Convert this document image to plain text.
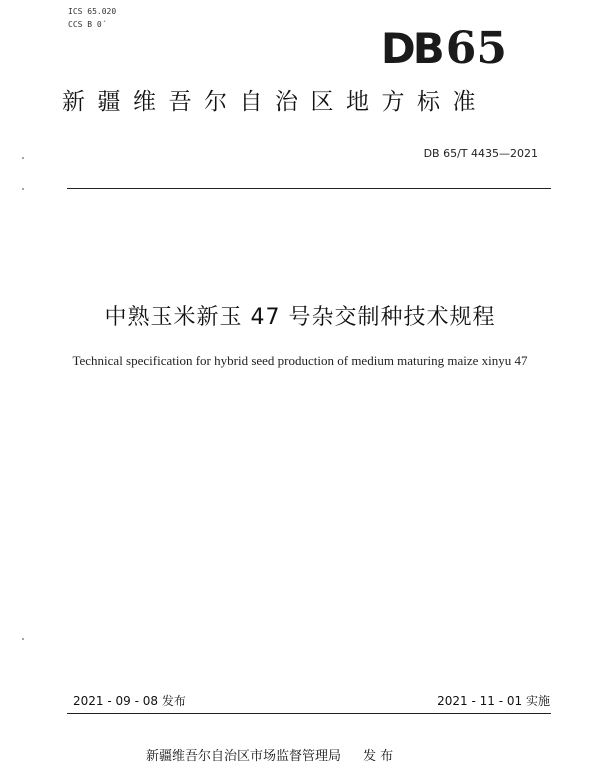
ICS 65.020
CCS B 0´	DB 65
新疆维吾尔自治区地方标准
DB 65/T 4435—2021
中熟玉米新玉 47 号杂交制种技术规程
Technical specification for hybrid seed production of medium maturing maize xinyu 47
2021 - 09 - 08 发布	2021 - 11 - 01 实施
新疆维吾尔自治区市场监督管理局 发 布
